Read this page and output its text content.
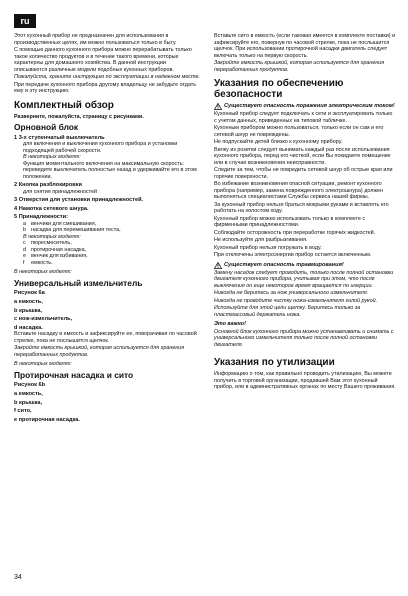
ru

Этот кухонный прибор не предназначен для использования в производственных целях, им можно пользоваться только в быту.

С помощью данного кухонного прибора можно перерабатывать только такое количество продуктов и в течение такого времени, которые характерны для домашнего хозяйства. В данной инструкции описываются различные модели подобных кухонных приборов.

Пожалуйста, храните инструкцию по эксплуатации в надежном месте.

При передаче кухонного прибора другому владельцу не забудьте отдать ему и эту инструкцию.

Комплектный обзор

Разверните, пожалуйста, страницу с рисунками.

Орновной блок

1 3-х ступенчатый выключатель

для включения и выключения кухонного прибора и установки подходящей рабочей скорости.

В некоторых моделях:

Функция моментального включения на максимальную скорость: переведите выключатель полностью назад и удерживайте его в этом положении.

2 Кнопка разблокировки

для снятия принадлежностей

3 Отверстия для установки принадлежностей.

4 Намотка сетевого шнура.

5 Принадлежности:

a венчики для смешивания,
b насадка для перемешивания теста,

В некоторых моделях:

c пюресмеситель,
d протирочная насадка,
e венчик для взбивания,
f	емкость.

В некоторых моделях:

Универсальный измельчитель

Рисунок 6а

a емкость,

b крышка,

c нож-измельчитель,

d насадка.

Вставьте насадку в емкость и зафиксируйте ее, поворачивая по часовой стрелке, пока не послышится щелчок.

Закройте емкость крышкой, которая используется для хранения переработанных продуктов.

В некоторых моделях:

Протирочная насадка и сито

Рисунок 6b

a емкость,

b крышка,

f сито,

e протирочная насадка.

Вставьте сито в емкость (если таковая имеется в комплекте поставки) и зафиксируйте его, повернув по часовой стрелке, пока не послышится щелчок. При использовании протирочной насадки двигатель следует включать только на первую скорость.

Закройте емкость крышкой, которая используется для хранения переработанных продуктов.

Указания по обеспечению безопасности
Существует опасность поражения электрическим током!

Кухонный прибор следует подключать к сети и эксплуатировать только с учетом данных, приведенных на типовой табличке.

Кухонным прибором можно пользоваться, только если он сам и его сетевой шнур не повреждены.

Не подпускайте детей близко к кухонному прибору.

Вилку из розетки следует вынимать каждый раз после использования кухонного прибора, перед его чисткой, если Вы покидаете помещение или в случае возникновения неисправности.

Следите за тем, чтобы не повредить сетевой шнур об острые края или горячие поверхности.

Во избежание возникновения опасной ситуации, ремонт кухонного прибора (например, замена поврежденного электрошнура) должен выполняться специалистами Службы сервиса нашей фирмы.

За кухонный прибор нельзя браться мокрыми руками и вставлять его работать на холостом ходу.

Кухонный прибор можно использовать только в комплекте с фирменными принадлежностями.

Соблюдайте осторожность при переработке горячих жидкостей.

Не используйте для разбрызгивания.

Кухонный прибор нельзя погружать в воду.

При отключены электроэнергии прибор остается включенным.

Существует опасность травмирования!

Замену насадок следует проводить, только после полной остановки двигателя кухонного прибора, учитывая при этом, что после выключения он еще некоторое время вращается по инерции.

Никогда не беритесь за нож универсального измельчителя.

Никогда не проводите чистку ножа-измельчителя голой рукой.

Используйте для этой цели щетку. Беритесь только за пластмассовый держатель ножа.

Это важно!

Основной блок кухонного прибора можно устанавливать и снимать с универсального измельчителя только после полной остановки двигателя.

Указания по утилизации

Информацию о том, как правильно проводить утилизацию, Вы можете получить в торговой организации, продавшей Вам этот кухонный прибор, или в административных органах по месту Вашего проживания.

34
